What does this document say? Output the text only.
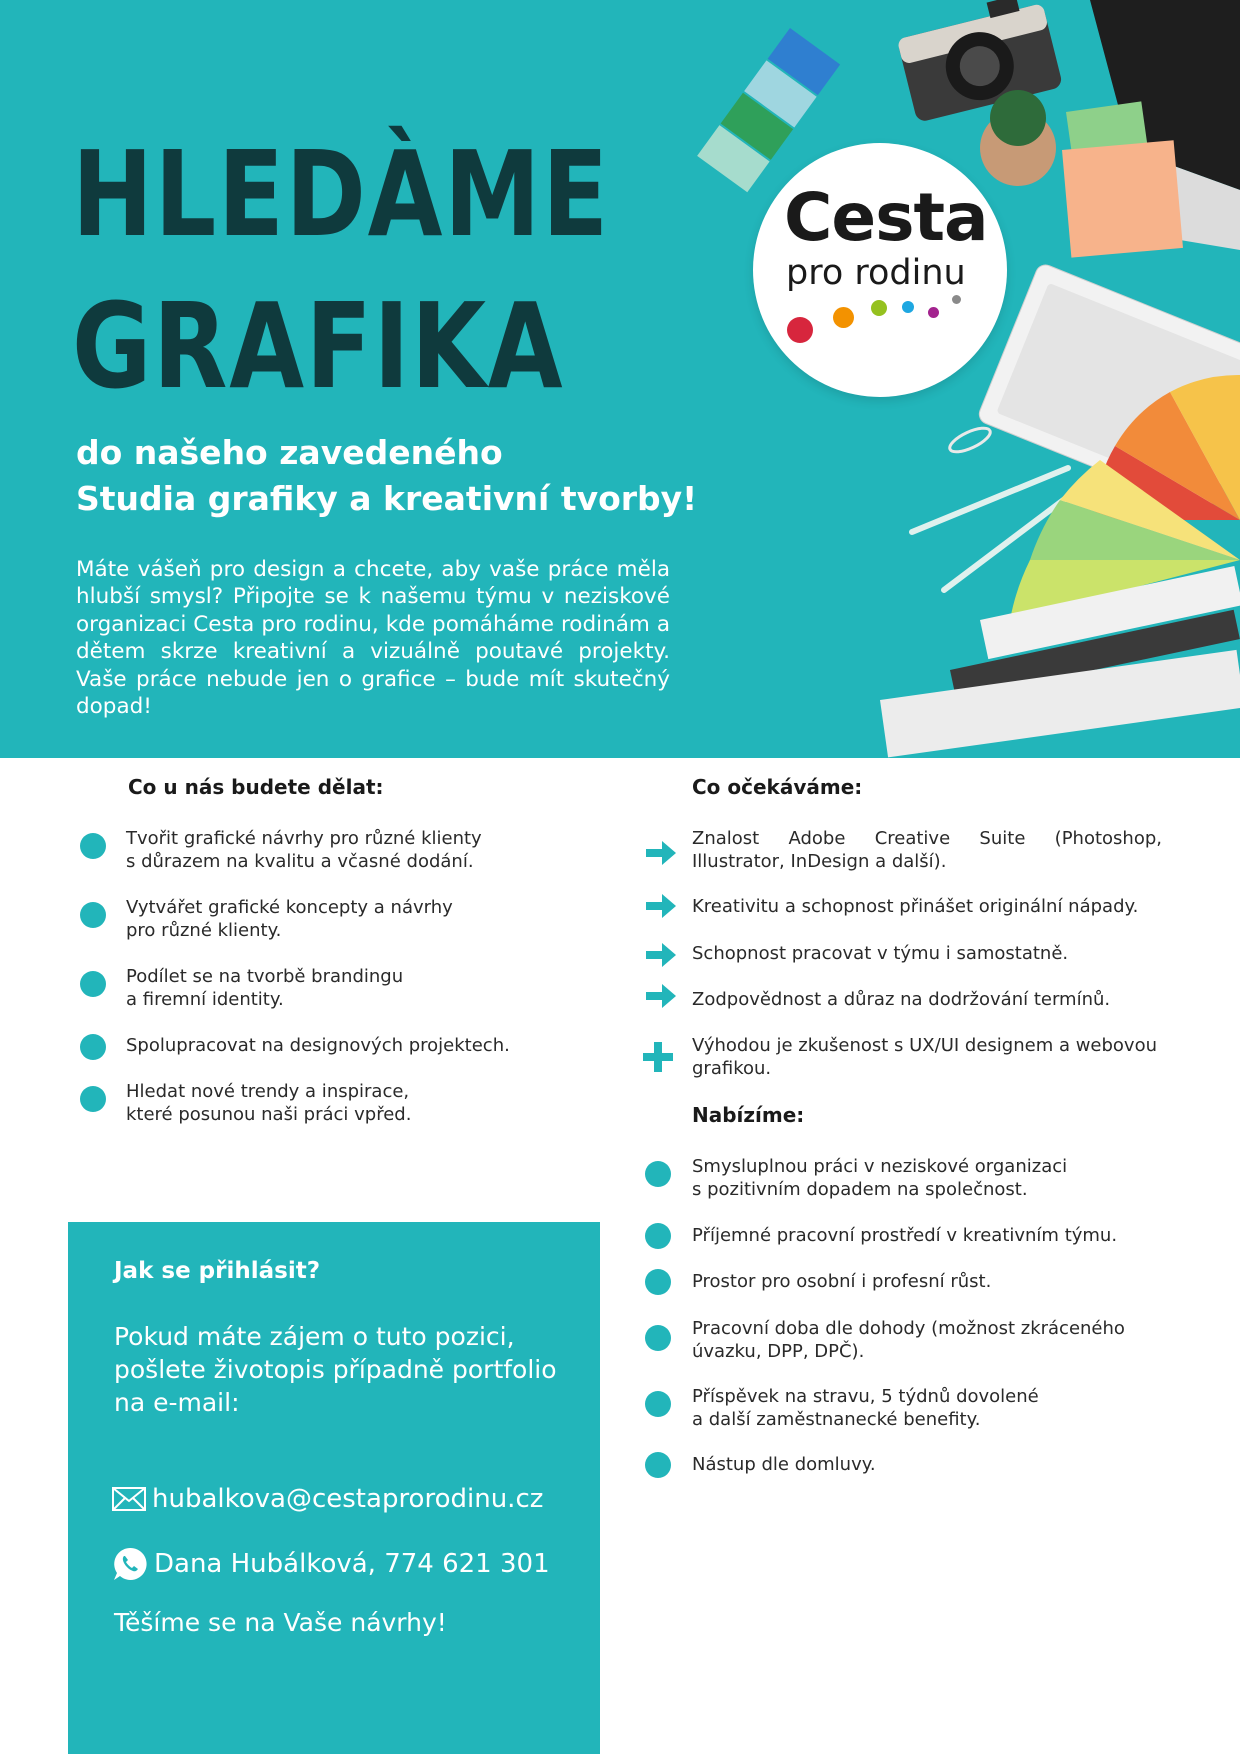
HLEDÀME
GRAFIKA
do našeho zavedeného
Studia grafiky a kreativní tvorby!

Máte vášeň pro design a chcete, aby vaše práce měla hlubší smysl? Připojte se k našemu týmu v neziskové organizaci Cesta pro rodinu, kde pomáháme rodinám a dětem skrze kreativní a vizuálně poutavé projekty. Vaše práce nebude jen o grafice – bude mít skutečný dopad!

Cesta
pro rodinu
Co u nás budete dělat:
Tvořit grafické návrhy pro různé klienty
s důrazem na kvalitu a včasné dodání.
Vytvářet grafické koncepty a návrhy
pro různé klienty.
Podílet se na tvorbě brandingu
a firemní identity.
Spolupracovat na designových projektech.
Hledat nové trendy a inspirace,
které posunou naši práci vpřed.
Co očekáváme:
Znalost Adobe Creative Suite (Photoshop, Illustrator, InDesign a další).
Kreativitu a schopnost přinášet originální nápady.
Schopnost pracovat v týmu i samostatně.
Zodpovědnost a důraz na dodržování termínů.
Výhodou je zkušenost s UX/UI designem a webovou grafikou.
Nabízíme:
Smysluplnou práci v neziskové organizaci
s pozitivním dopadem na společnost.
Příjemné pracovní prostředí v kreativním týmu.
Prostor pro osobní i profesní růst.
Pracovní doba dle dohody (možnost zkráceného
úvazku, DPP, DPČ).
Příspěvek na stravu, 5 týdnů dovolené
a další zaměstnanecké benefity.
Nástup dle domluvy.
Jak se přihlásit?

Pokud máte zájem o tuto pozici, pošlete životopis případně portfolio na e-mail:

hubalkova@cestaprorodinu.cz
Dana Hubálková, 774 621 301

Těšíme se na Vaše návrhy!
